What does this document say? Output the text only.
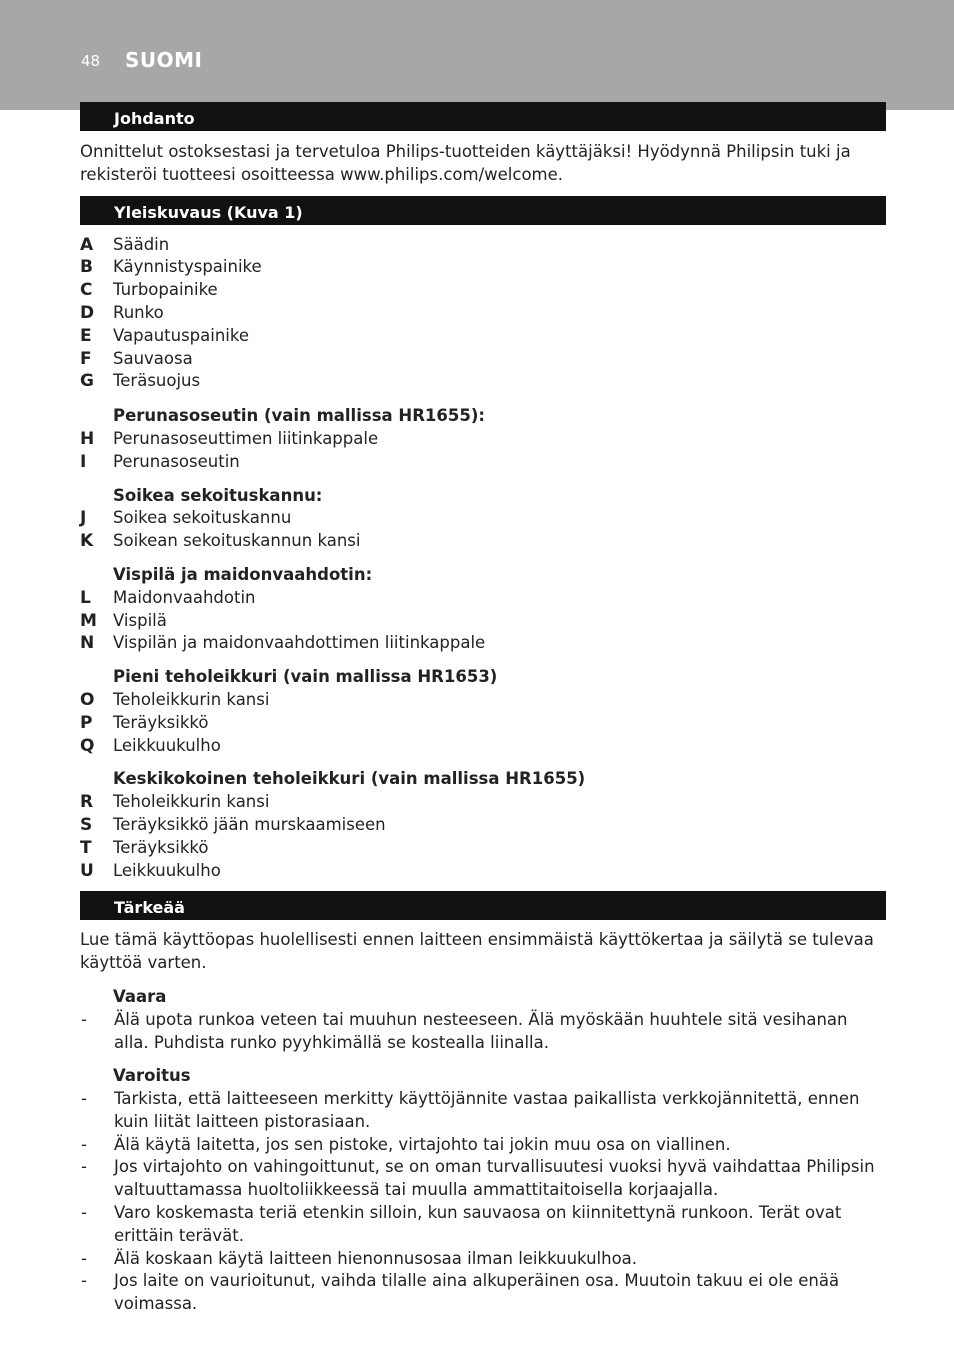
48 SUOMI
Johdanto

Onnittelut ostoksestasi ja tervetuloa Philips-tuotteiden käyttäjäksi! Hyödynnä Philipsin tuki ja rekisteröi tuotteesi osoitteessa www.philips.com/welcome.

Yleiskuvaus (Kuva 1)
A	Säädin
B	Käynnistyspainike
C	Turbopainike
D	Runko
E	Vapautuspainike
F	Sauvaosa
G	Teräsuojus
Perunasoseutin (vain mallissa HR1655):
H	Perunasoseuttimen liitinkappale
I	Perunasoseutin
Soikea sekoituskannu:
J	Soikea sekoituskannu
K	Soikean sekoituskannun kansi
Vispilä ja maidonvaahdotin:
L	Maidonvaahdotin
M Vispilä
N	Vispilän ja maidonvaahdottimen liitinkappale
Pieni teholeikkuri (vain mallissa HR1653)
O	Teholeikkurin kansi
P	Teräyksikkö
Q	Leikkuukulho
Keskikokoinen teholeikkuri (vain mallissa HR1655)
R	Teholeikkurin kansi
S	Teräyksikkö jään murskaamiseen
T	Teräyksikkö
U	Leikkuukulho
Tärkeää

Lue tämä käyttöopas huolellisesti ennen laitteen ensimmäistä käyttökertaa ja säilytä se tulevaa käyttöä varten.

Vaara
-	Älä upota runkoa veteen tai muuhun nesteeseen. Älä myöskään huuhtele sitä vesihanan alla. Puhdista runko pyyhkimällä se kostealla liinalla.
Varoitus
-	Tarkista, että laitteeseen merkitty käyttöjännite vastaa paikallista verkkojännitettä, ennen kuin liität laitteen pistorasiaan.
-	Älä käytä laitetta, jos sen pistoke, virtajohto tai jokin muu osa on viallinen.
-	Jos virtajohto on vahingoittunut, se on oman turvallisuutesi vuoksi hyvä vaihdattaa Philipsin valtuuttamassa huoltoliikkeessä tai muulla ammattitaitoisella korjaajalla.
-	Varo koskemasta teriä etenkin silloin, kun sauvaosa on kiinnitettynä runkoon. Terät ovat erittäin terävät.
-	Älä koskaan käytä laitteen hienonnusosaa ilman leikkuukulhoa.
-	Jos laite on vaurioitunut, vaihda tilalle aina alkuperäinen osa. Muutoin takuu ei ole enää voimassa.
